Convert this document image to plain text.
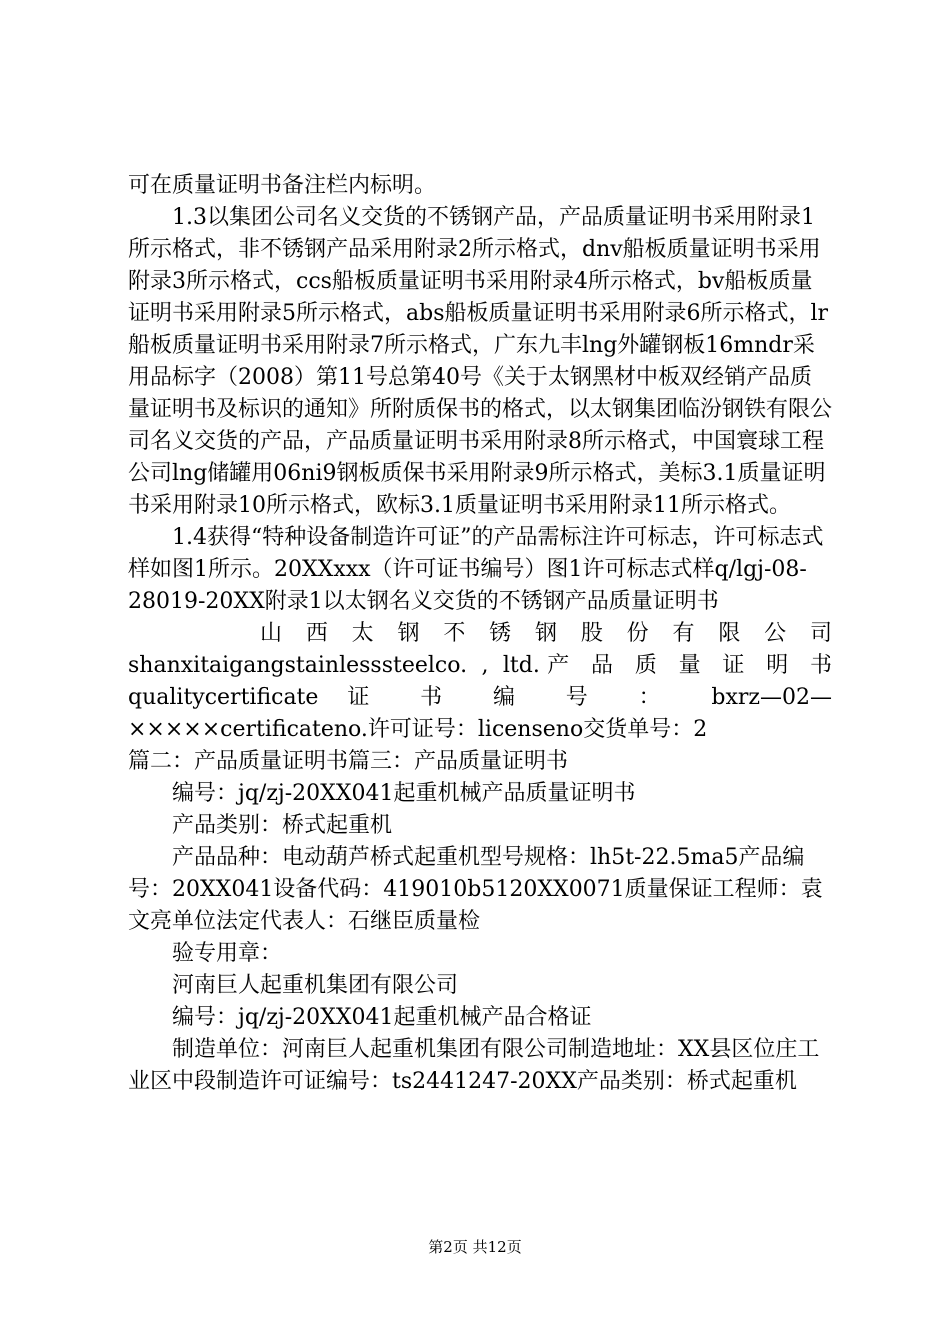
可在质量证明书备注栏内标明。

1.3以集团公司名义交货的不锈钢产品，产品质量证明书采用附录1所示格式，非不锈钢产品采用附录2所示格式，dnv船板质量证明书采用附录3所示格式，ccs船板质量证明书采用附录4所示格式，bv船板质量证明书采用附录5所示格式，abs船板质量证明书采用附录6所示格式，lr船板质量证明书采用附录7所示格式，广东九丰lng外罐钢板16mndr采用品标字（2008）第11号总第40号《关于太钢黑材中板双经销产品质量证明书及标识的通知》所附质保书的格式，以太钢集团临汾钢铁有限公司名义交货的产品，产品质量证明书采用附录8所示格式，中国寰球工程公司lng储罐用06ni9钢板质保书采用附录9所示格式，美标3.1质量证明书采用附录10所示格式，欧标3.1质量证明书采用附录11所示格式。

1.4获得“特种设备制造许可证”的产品需标注许可标志，许可标志式样如图1所示。20XXxxx（许可证书编号）图1许可标志式样q/lgj-08-28019-20XX附录1以太钢名义交货的不锈钢产品质量证明书

山 西 太 钢 不 锈 钢 股 份 有 限 公 司

shanxitaigangstainlesssteelco. , ltd.产 品 质 量 证 明 书

qualitycertificate 证 书 编 号 ： bxrz—02—

×××××certificateno.许可证号：licenseno交货单号：2

篇二：产品质量证明书篇三：产品质量证明书

编号：jq/zj-20XX041起重机械产品质量证明书

产品类别：桥式起重机

产品品种：电动葫芦桥式起重机型号规格：lh5t-22.5ma5产品编号：20XX041设备代码：419010b5120XX0071质量保证工程师：袁文亮单位法定代表人：石继臣质量检

验专用章：

河南巨人起重机集团有限公司

编号：jq/zj-20XX041起重机械产品合格证

制造单位：河南巨人起重机集团有限公司制造地址：XX县区位庄工业区中段制造许可证编号：ts2441247-20XX产品类别：桥式起重机

第2页 共12页
